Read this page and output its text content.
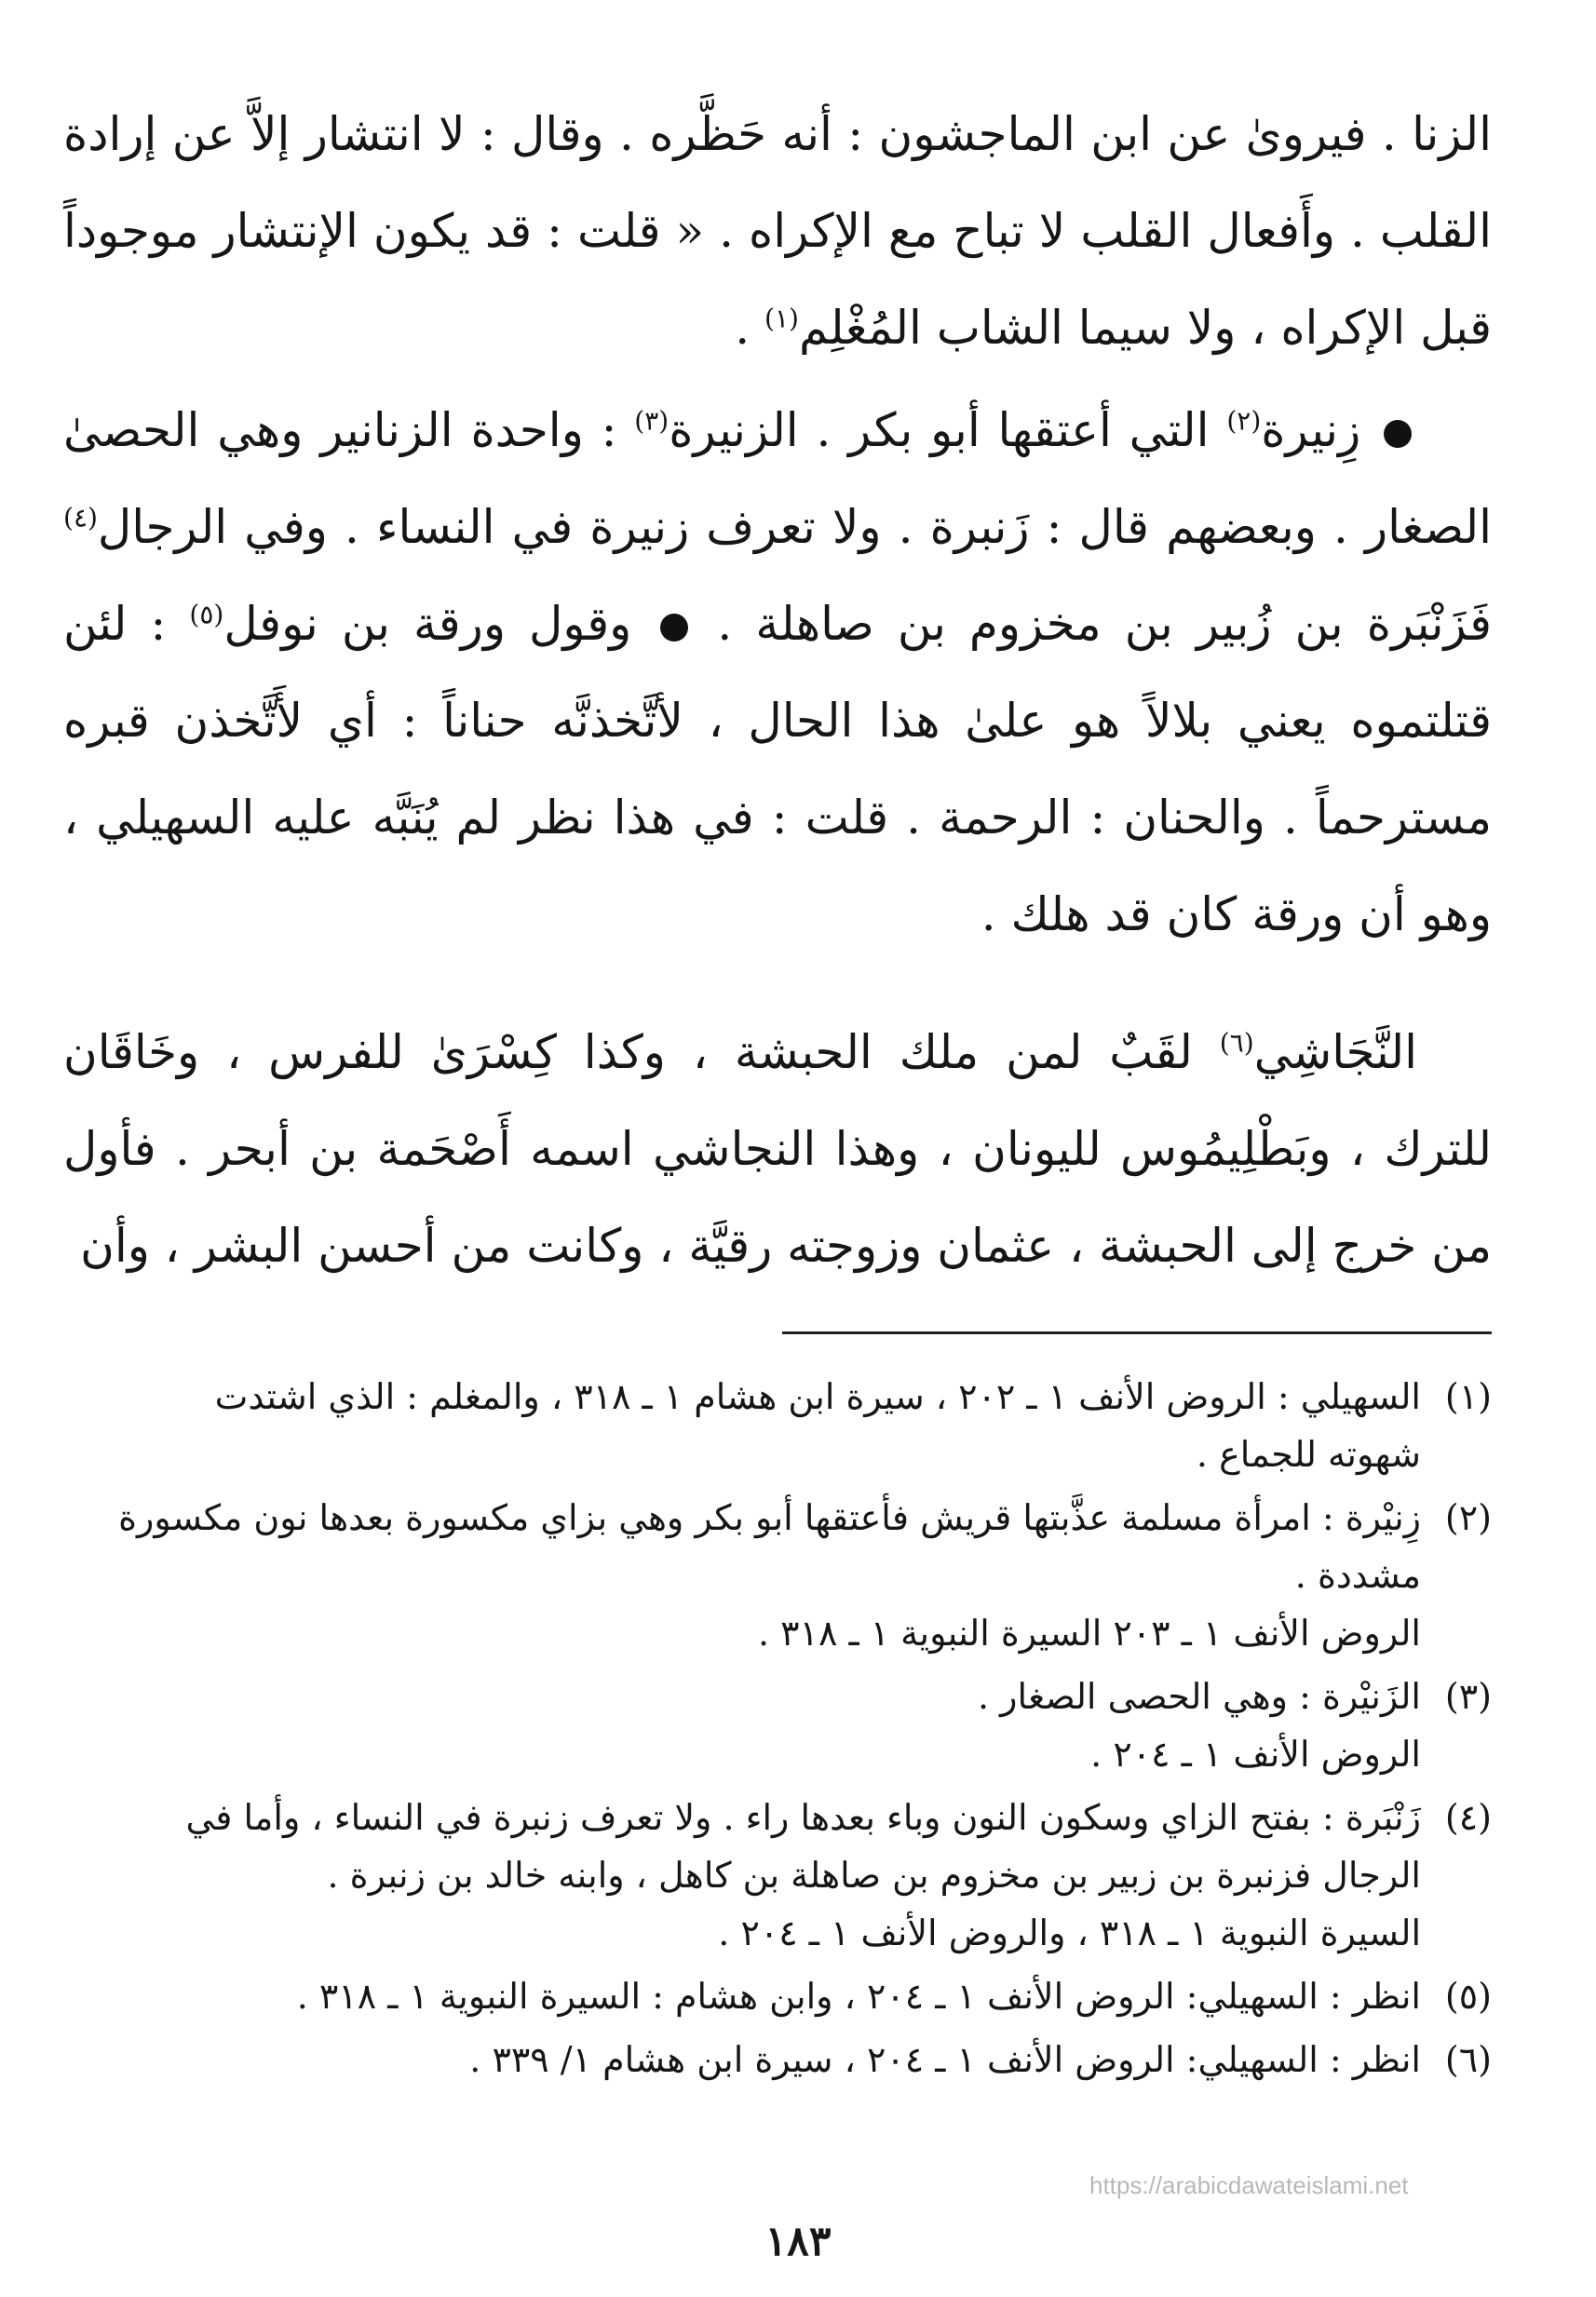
الزنا . فيروىٰ عن ابن الماجشون : أنه حَظَّره . وقال : لا انتشار إلاَّ عن إرادة القلب . وأَفعال القلب لا تباح مع الإكراه . « قلت : قد يكون الإنتشار موجوداً قبل الإكراه ، ولا سيما الشاب المُغْلِم$^{(١)}$ .

زِنيرة$^{(٢)}$ التي أعتقها أبو بكر . الزنيرة$^{(٣)}$ : واحدة الزنانير وهي الحصىٰ الصغار . وبعضهم قال : زَنبرة . ولا تعرف زنيرة في النساء . وفي الرجال$^{(٤)}$ فَزَنْبَرة بن زُبير بن مخزوم بن صاهلة .  وقول ورقة بن نوفل$^{(٥)}$ : لئن قتلتموه يعني بلالاً هو علىٰ هذا الحال ، لأتَّخذنَّه حناناً : أي لأَتَّخذن قبره مسترحماً . والحنان : الرحمة . قلت : في هذا نظر لم يُنَبَّه عليه السهيلي ، وهو أن ورقة كان قد هلك .

النَّجَاشِي$^{(٦)}$ لقَبٌ لمن ملك الحبشة ، وكذا كِسْرَىٰ للفرس ، وخَاقَان للترك ، وبَطْلِيمُوس لليونان ، وهذا النجاشي اسمه أَصْحَمة بن أبحر . فأول من خرج إلى الحبشة ، عثمان وزوجته رقيَّة ، وكانت من أحسن البشر ، وأن

(١)
السهيلي : الروض الأنف ١ ـ ٢٠٢ ، سيرة ابن هشام ١ ـ ٣١٨ ، والمغلم : الذي اشتدت
شهوته للجماع .
(٢)
زِنيْرة : امرأة مسلمة عذَّبتها قريش فأعتقها أبو بكر وهي بزاي مكسورة بعدها نون مكسورة
مشددة .
الروض الأنف ١ ـ ٢٠٣ السيرة النبوية ١ ـ ٣١٨ .
(٣)
الزَنيْرة : وهي الحصى الصغار .
الروض الأنف ١ ـ ٢٠٤ .
(٤)
زَنْبَرة : بفتح الزاي وسكون النون وباء بعدها راء . ولا تعرف زنبرة في النساء ، وأما في
الرجال فزنبرة بن زبير بن مخزوم بن صاهلة بن كاهل ، وابنه خالد بن زنبرة .
السيرة النبوية ١ ـ ٣١٨ ، والروض الأنف ١ ـ ٢٠٤ .
(٥)
انظر : السهيلي: الروض الأنف ١ ـ ٢٠٤ ، وابن هشام : السيرة النبوية ١ ـ ٣١٨ .
(٦)
انظر : السهيلي: الروض الأنف ١ ـ ٢٠٤ ، سيرة ابن هشام ١/ ٣٣٩ .
https://arabicdawateislami.net
١٨٣
